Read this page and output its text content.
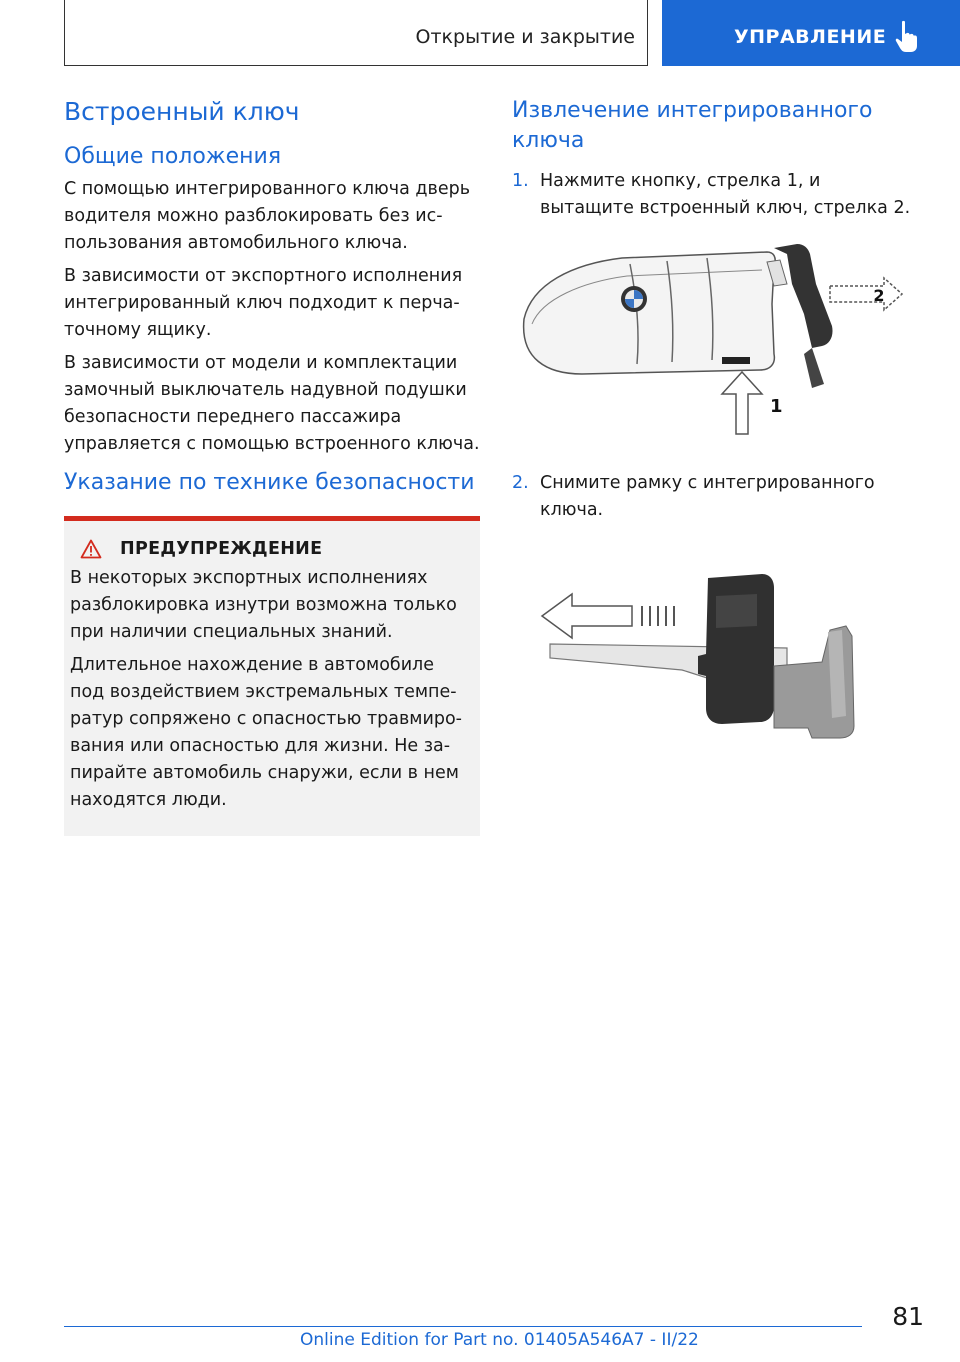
Открытие и закрытие	УПРАВЛЕНИЕ
Встроенный ключ
Общие положения

С помощью интегрированного ключа дверь водителя можно разблокировать без ис-пользования автомобильного ключа.

В зависимости от экспортного исполнения интегрированный ключ подходит к перча-точному ящику.

В зависимости от модели и комплектации замочный выключатель надувной подушки безопасности переднего пассажира управляется с помощью встроенного ключа.

Указание по технике безопасности
ПРЕДУПРЕЖДЕНИЕ

В некоторых экспортных исполнениях разблокировка изнутри возможна только при наличии специальных знаний.

Длительное нахождение в автомобиле под воздействием экстремальных темпе-ратур сопряжено с опасностью травмиро-вания или опасностью для жизни. Не за-пирайте автомобиль снаружи, если в нем находятся люди.

Извлечение интегрированного ключа
1. Нажмите кнопку, стрелка 1, и вытащите встроенный ключ, стрелка 2.
2
1
2. Снимите рамку с интегрированного ключа.
81
Online Edition for Part no. 01405A546A7 - II/22
